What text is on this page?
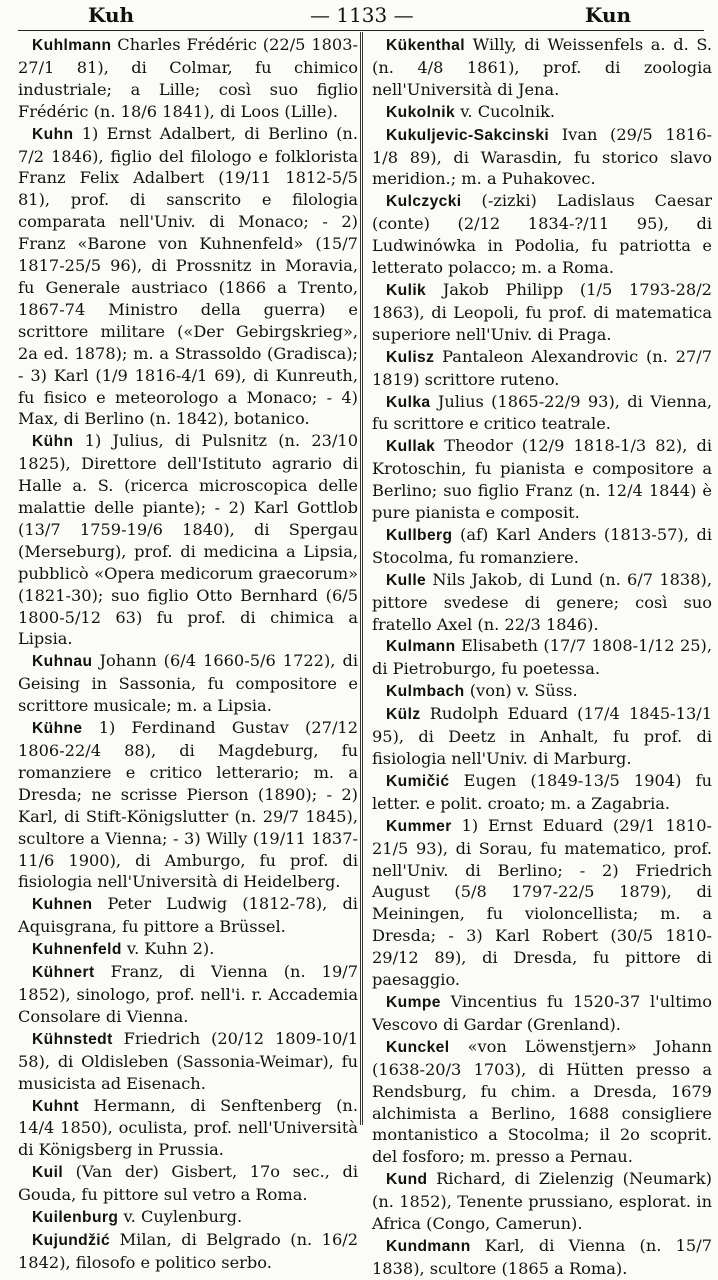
Kuh	— 1133 —	Kun

Kuhlmann Charles Frédéric (22/5 1803-27/1 81), di Colmar, fu chimico industriale; a Lille; così suo figlio Frédéric (n. 18/6 1841), di Loos (Lille).

Kuhn 1) Ernst Adalbert, di Berlino (n. 7/2 1846), figlio del filologo e folklorista Franz Felix Adalbert (19/11 1812-5/5 81), prof. di sanscrito e filologia comparata nell'Univ. di Monaco; - 2) Franz «Barone von Kuhnenfeld» (15/7 1817-25/5 96), di Prossnitz in Moravia, fu Generale austriaco (1866 a Trento, 1867-74 Ministro della guerra) e scrittore militare («Der Gebirgskrieg», 2a ed. 1878); m. a Strassoldo (Gradisca); - 3) Karl (1/9 1816-4/1 69), di Kunreuth, fu fisico e meteorologo a Monaco; - 4) Max, di Berlino (n. 1842), botanico.

Kühn 1) Julius, di Pulsnitz (n. 23/10 1825), Direttore dell'Istituto agrario di Halle a. S. (ricerca microscopica delle malattie delle piante); - 2) Karl Gottlob (13/7 1759-19/6 1840), di Spergau (Merseburg), prof. di medicina a Lipsia, pubblicò «Opera medicorum graecorum» (1821-30); suo figlio Otto Bernhard (6/5 1800-5/12 63) fu prof. di chimica a Lipsia.

Kuhnau Johann (6/4 1660-5/6 1722), di Geising in Sassonia, fu compositore e scrittore musicale; m. a Lipsia.

Kühne 1) Ferdinand Gustav (27/12 1806-22/4 88), di Magdeburg, fu romanziere e critico letterario; m. a Dresda; ne scrisse Pierson (1890); - 2) Karl, di Stift-Königslutter (n. 29/7 1845), scultore a Vienna; - 3) Willy (19/11 1837-11/6 1900), di Amburgo, fu prof. di fisiologia nell'Università di Heidelberg.

Kuhnen Peter Ludwig (1812-78), di Aquisgrana, fu pittore a Brüssel.

Kuhnenfeld v. Kuhn 2).

Kühnert Franz, di Vienna (n. 19/7 1852), sinologo, prof. nell'i. r. Accademia Consolare di Vienna.

Kühnstedt Friedrich (20/12 1809-10/1 58), di Oldisleben (Sassonia-Weimar), fu musicista ad Eisenach.

Kuhnt Hermann, di Senftenberg (n. 14/4 1850), oculista, prof. nell'Università di Königsberg in Prussia.

Kuil (Van der) Gisbert, 17o sec., di Gouda, fu pittore sul vetro a Roma.

Kuilenburg v. Cuylenburg.

Kujundžić Milan, di Belgrado (n. 16/2 1842), filosofo e politico serbo.

Kükenthal Willy, di Weissenfels a. d. S. (n. 4/8 1861), prof. di zoologia nell'Università di Jena.

Kukolnik v. Cucolnik.

Kukuljevic-Sakcinski Ivan (29/5 1816-1/8 89), di Warasdin, fu storico slavo meridion.; m. a Puhakovec.

Kulczycki (-zizki) Ladislaus Caesar (conte) (2/12 1834-?/11 95), di Ludwinówka in Podolia, fu patriotta e letterato polacco; m. a Roma.

Kulik Jakob Philipp (1/5 1793-28/2 1863), di Leopoli, fu prof. di matematica superiore nell'Univ. di Praga.

Kulisz Pantaleon Alexandrovic (n. 27/7 1819) scrittore ruteno.

Kulka Julius (1865-22/9 93), di Vienna, fu scrittore e critico teatrale.

Kullak Theodor (12/9 1818-1/3 82), di Krotoschin, fu pianista e compositore a Berlino; suo figlio Franz (n. 12/4 1844) è pure pianista e composit.

Kullberg (af) Karl Anders (1813-57), di Stocolma, fu romanziere.

Kulle Nils Jakob, di Lund (n. 6/7 1838), pittore svedese di genere; così suo fratello Axel (n. 22/3 1846).

Kulmann Elisabeth (17/7 1808-1/12 25), di Pietroburgo, fu poetessa.

Kulmbach (von) v. Süss.

Külz Rudolph Eduard (17/4 1845-13/1 95), di Deetz in Anhalt, fu prof. di fisiologia nell'Univ. di Marburg.

Kumičić Eugen (1849-13/5 1904) fu letter. e polit. croato; m. a Zagabria.

Kummer 1) Ernst Eduard (29/1 1810-21/5 93), di Sorau, fu matematico, prof. nell'Univ. di Berlino; - 2) Friedrich August (5/8 1797-22/5 1879), di Meiningen, fu violoncellista; m. a Dresda; - 3) Karl Robert (30/5 1810-29/12 89), di Dresda, fu pittore di paesaggio.

Kumpe Vincentius fu 1520-37 l'ultimo Vescovo di Gardar (Grenland).

Kunckel «von Löwenstjern» Johann (1638-20/3 1703), di Hütten presso a Rendsburg, fu chim. a Dresda, 1679 alchimista a Berlino, 1688 consigliere montanistico a Stocolma; il 2o scoprit. del fosforo; m. presso a Pernau.

Kund Richard, di Zielenzig (Neumark) (n. 1852), Tenente prussiano, esplorat. in Africa (Congo, Camerun).

Kundmann Karl, di Vienna (n. 15/7 1838), scultore (1865 a Roma).
